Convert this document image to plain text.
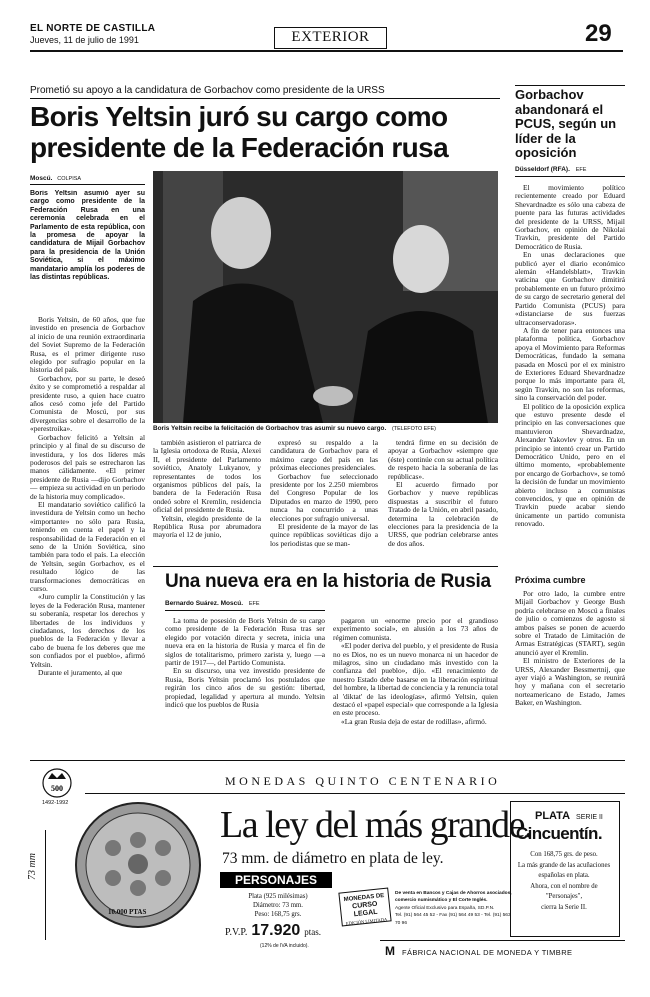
EL NORTE DE CASTILLA
Jueves, 11 de julio de 1991	EXTERIOR	29
Prometió su apoyo a la candidatura de Gorbachov como presidente de la URSS
Boris Yeltsin juró su cargo como
presidente de la Federación rusa
Moscú. COLPISA

Boris Yeltsin asumió ayer su cargo como presidente de la Federación Rusa en una ceremonia celebrada en el Parlamento de esta república, con la promesa de apoyar la candidatura de Mijail Gorbachov para la presidencia de la Unión Soviética, si el máximo mandatario amplía los poderes de las distintas repúblicas.

Boris Yeltsin, de 60 años, que fue investido en presencia de Gorbachov al inicio de una reunión extraordinaria del Soviet Supremo de la Federación Rusa, es el primer dirigente ruso elegido por sufragio popular en la historia del país.

Gorbachov, por su parte, le deseó éxito y se comprometió a respaldar al presidente ruso, a quien hace cuatro años cesó como jefe del Partido Comunista de Moscú, por sus divergencias sobre el desarrollo de la «perestroika».

Gorbachov felicitó a Yeltsin al principio y al final de su discurso de investidura, y los dos líderes más poderosos del país se estrecharon las manos cálidamente. «El primer presidente de Rusia —dijo Gorbachov— empieza su actividad en un periodo de la historia muy complicado».

El mandatario soviético calificó la investidura de Yeltsin como un hecho «importante» no sólo para Rusia, teniendo en cuenta el papel y la responsabilidad de la Federación en el seno de la Unión Soviética, sino también para todo el país. La elección de Yeltsin, según Gorbachov, es el resultado lógico de las transformaciones democráticas en curso.

«Juro cumplir la Constitución y las leyes de la Federación Rusa, mantener su soberanía, respetar los derechos y libertades de los individuos y ciudadanos, los derechos de los pueblos de la Federación y llevar a cabo de buena fe los deberes que me son confiados por el pueblo», afirmó Yeltsin.

Durante el juramento, al que

Boris Yeltsin recibe la felicitación de Gorbachov tras asumir su nuevo cargo. (TELEFOTO EFE)

también asistieron el patriarca de la Iglesia ortodoxa de Rusia, Alexei II, el presidente del Parlamento soviético, Anatoly Lukyanov, y representantes de todos los organismos públicos del país, la bandera de la Federación Rusa ondeó sobre el Kremlin, residencia oficial del presidente de Rusia.

Yeltsin, elegido presidente de la República Rusa por abrumadora mayoría el 12 de junio,

expresó su respaldo a la candidatura de Gorbachov para el máximo cargo del país en las próximas elecciones presidenciales.

Gorbachov fue seleccionado presidente por los 2.250 miembros del Congreso Popular de los Diputados en marzo de 1990, pero nunca ha concurrido a unas elecciones por sufragio universal.

El presidente de la mayor de las quince repúblicas soviéticas dijo a los periodistas que se man-

tendrá firme en su decisión de apoyar a Gorbachov «siempre que (éste) continúe con su actual política de respeto hacia la soberanía de las repúblicas».

El acuerdo firmado por Gorbachov y nueve repúblicas dispuestas a suscribir el futuro Tratado de la Unión, en abril pasado, determina la celebración de elecciones para la presidencia de la URSS, que podrían celebrarse antes de dos años.

Una nueva era en la historia de Rusia
Bernardo Suárez. Moscú. EFE

La toma de posesión de Boris Yeltsin de su cargo como presidente de la Federación Rusa tras ser elegido por votación directa y secreta, inicia una nueva era en la historia de Rusia y marca el fin de siglos de totalitarismo, primero zarista y, luego —a partir de 1917—, del Partido Comunista.

En su discurso, una vez investido presidente de Rusia, Boris Yeltsin proclamó los postulados que regirán los cinco años de su gestión: libertad, propiedad, legalidad y apertura al mundo. Yeltsin indicó que los pueblos de Rusia

pagaron un «enorme precio por el grandioso experimento social», en alusión a los 73 años de régimen comunista.

«El poder deriva del pueblo, y el presidente de Rusia no es Dios, no es un nuevo monarca ni un hacedor de milagros, sino un ciudadano más investido con la confianza del pueblo», dijo. «El renacimiento de nuestro Estado debe basarse en la liberación espiritual del hombre, la libertad de conciencia y la renuncia total al 'diktat' de las ideologías», afirmó Yeltsin, quien destacó el «papel especial» que corresponde a la Iglesia en este proceso.

«La gran Rusia deja de estar de rodillas», afirmó.

Gorbachov abandonará el PCUS, según un líder de la oposición
Düsseldorf (RFA). EFE

El movimiento político recientemente creado por Eduard Shevardnadze es sólo una cabeza de puente para las futuras actividades del presidente de la URSS, Mijail Gorbachov, en opinión de Nikolai Travkin, presidente del Partido Democrático de Rusia.

En unas declaraciones que publicó ayer el diario económico alemán «Handelsblatt», Travkin vaticina que Gorbachov dimitirá probablemente en un futuro próximo de su cargo de secretario general del Partido Comunista (PCUS) para «distanciarse de sus fuerzas ultraconservadoras».

A fin de tener para entonces una plataforma política, Gorbachov apoya el Movimiento para Reformas Democráticas, fundado la semana pasada en Moscú por el ex ministro de Exteriores Eduard Shevardnadze porque lo más importante para él, según Travkin, no son las reformas, sino la conservación del poder.

El político de la oposición explica que estuvo presente desde el principio en las conversaciones que mantuvieron Shevardnadze, Alexander Yakovlev y otros. En un principio se intentó crear un Partido Democrático Unido, pero en el último momento, «probablemente por encargo de Gorbachov», se tomó la decisión de fundar un movimiento abierto incluso a comunistas convencidos, y que en opinión de Travkin puede acabar siendo únicamente un partido comunista renovado.

Próxima cumbre

Por otro lado, la cumbre entre Mijail Gorbachov y George Bush podría celebrarse en Moscú a finales de julio o comienzos de agosto si ambos países se ponen de acuerdo sobre el Tratado de Limitación de Armas Estratégicas (START), según anunció ayer el Kremlin.

El ministro de Exteriores de la URSS, Alexander Bessmertnij, que ayer viajó a Washington, se reunirá hoy y mañana con el secretario norteamericano de Estado, James Baker, en Washington.

500
1492-1992
MONEDAS QUINTO CENTENARIO
10.000 PTAS
73 mm
La ley del más grande.
73 mm. de diámetro en plata de ley.
PERSONAJES
Plata (925 milésimas)
Diámetro: 73 mm.
Peso: 168,75 grs.
P.V.P. 17.920 ptas.
(12% de IVA incluido).
MONEDAS DE
CURSO LEGAL
EDICIÓN LIMITADA
De venta en Bancos y Cajas de Ahorros asociados,
comercio numismático y El Corte Inglés.
Agente Oficial Exclusivo para España, SD.P.N.
Tel. (91) 564 45 52 - Fax (91) 564 49 53 - Tel. (91) 563 70 96
PLATA SERIE II
Cincuentín.
Con 168,75 grs. de peso.
La más grande de las acuñaciones
españolas en plata.
Ahora, con el nombre de
"Personajes",
cierra la Serie II.
M FÁBRICA NACIONAL DE MONEDA Y TIMBRE
